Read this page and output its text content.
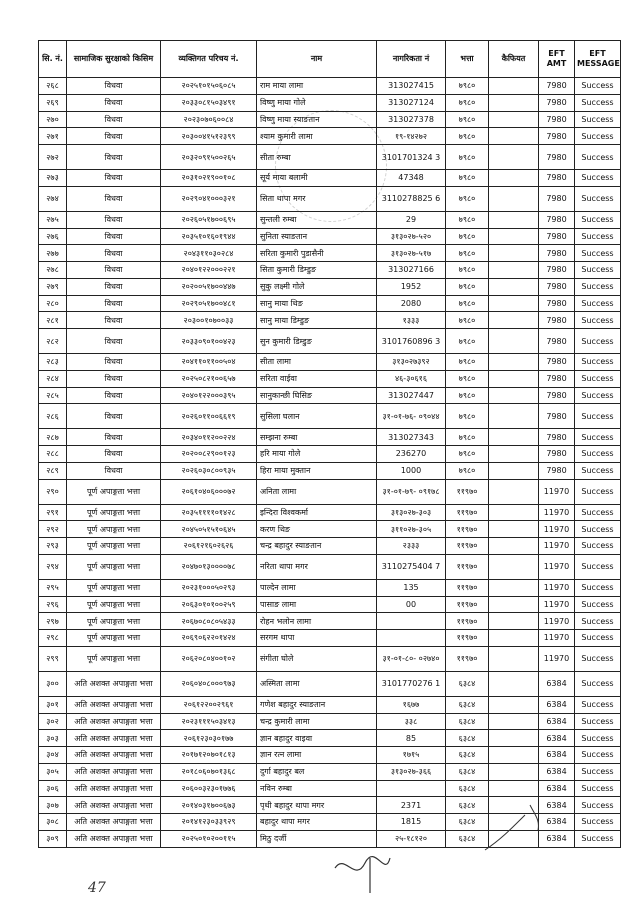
सि. नं.	सामाजिक सुरक्षाको किसिम	व्यक्तिगत परिचय नं.	नाम	नागरिकता नं	भत्ता	कैफियत	EFT AMT	EFT MESSAGE
२६८	विधवा	२०२५१०१५०६०८५	राम माया लामा	313027415	७९८०		7980	Success
२६९	विधवा	२०३३०८१५०३४९१	विष्णु माया गोले	313027124	७९८०		7980	Success
२७०	विधवा	२०२३०७०६००८४	विष्णु माया स्याङतान	313027378	७९८०		7980	Success
२७१	विधवा	२०३००४१५१२३९९	श्याम कुमारी लामा	१९-१४२७२	७९८०		7980	Success
२७२	विधवा	२०३२०९१५००२६५	सीता रुम्बा	3101701324 3	७९८०		7980	Success
२७३	विधवा	२०३१०२१९००१०८	सूर्य माया बलामी	47348	७९८०		7980	Success
२७४	विधवा	२०२९०४१०००३२१	सिता थापा मगर	3110278825 6	७९८०		7980	Success
२७५	विधवा	२०२६०५१७००६९५	सुन्तली रुम्बा	29	७९८०		7980	Success
२७६	विधवा	२०३५१०१६०१९४४	सुनिता स्याङतान	३१३०२७-५२०	७९८०		7980	Success
२७७	विधवा	२०४३११०३०२८४	सरिता कुमारी पुडासैनी	३१३०२७-५१७	७९८०		7980	Success
२७८	विधवा	२०४०१२२०००२२१	सिता कुमारी डिम्डुङ	313027166	७९८०		7980	Success
२७९	विधवा	२०२००५१७००४४७	सुकु लक्ष्मी गोले	1952	७९८०		7980	Success
२८०	विधवा	२०२९०५१७००४८१	सानु माया थिङ	2080	७९८०		7980	Success
२८१	विधवा	२०३००१०७००३३	सानु माया डिम्डुङ	१३३३	७९८०		7980	Success
२८२	विधवा	२०३३०९०१००४२३	सुन कुमारी डिम्डुङ	3101760896 3	७९८०		7980	Success
२८३	विधवा	२०४११०११००५०४	सीता लामा	३१३०२७३९२	७९८०		7980	Success
२८४	विधवा	२०२५०८२१००६५७	सरिता वाईवा	४६-३०६१६	७९८०		7980	Success
२८५	विधवा	२०४०१२२०००३९५	सानुकान्छी घिसिङ	313027447	७९८०		7980	Success
२८६	विधवा	२०२६०११००६६१९	सुसिला घलान	३१-०१-७६- ०९०४४	७९८०		7980	Success
२८७	विधवा	२०३४०११२००२२४	सम्झना रुम्बा	313027343	७९८०		7980	Success
२८८	विधवा	२०२००८२९००१२३	हरि माया गोले	236270	७९८०		7980	Success
२८९	विधवा	२०२६०३०८००९३५	हिरा माया मुक्तान	1000	७९८०		7980	Success
२९०	पूर्ण अपाङ्गता भत्ता	२०६१०४०६०००७२	अनिता लामा	३१-०१-७९- ०९१७८	११९७०		11970	Success
२९१	पूर्ण अपाङ्गता भत्ता	२०३५११११०१४२८	इन्दिरा विश्वकर्मा	३१३०२७-३०३	११९७०		11970	Success
२९२	पूर्ण अपाङ्गता भत्ता	२०४५०५१५१०६४५	करण थिङ	३११०२७-३०५	११९७०		11970	Success
२९३	पूर्ण अपाङ्गता भत्ता	२०६१२१६०२६२६	चन्द्र बहादुर स्याङतान	२३३३	११९७०		11970	Success
२९४	पूर्ण अपाङ्गता भत्ता	२०४७०१३००००७८	नरिता थापा मगर	3110275404 7	११९७०		11970	Success
२९५	पूर्ण अपाङ्गता भत्ता	२०२३१०००५०२९३	पाल्देन लामा	135	११९७०		11970	Success
२९६	पूर्ण अपाङ्गता भत्ता	२०६३०१०१००२५९	पासाङ लामा	00	११९७०		11970	Success
२९७	पूर्ण अपाङ्गता भत्ता	२०६७०८०८०५४३३	रोहन भलोन लामा		११९७०		11970	Success
२९८	पूर्ण अपाङ्गता भत्ता	२०६९०६२२०१४२४	सरगम थापा		११९७०		11970	Success
२९९	पूर्ण अपाङ्गता भत्ता	२०६२०८०४००१०२	संगीता घोले	३१-०१-८०- ०२७४०	११९७०		11970	Success
३००	अति अशक्त अपाङ्गता भत्ता	२०६०४०८०००९७३	अस्मिता लामा	3101770276 1	६३८४		6384	Success
३०१	अति अशक्त अपाङ्गता भत्ता	२०६१२२००२९६१	गणेश बहादुर स्याङतान	१६७७	६३८४		6384	Success
३०२	अति अशक्त अपाङ्गता भत्ता	२०२३१११५०३४१३	चन्द्र कुमारी लामा	३३८	६३८४		6384	Success
३०३	अति अशक्त अपाङ्गता भत्ता	२०६१२३०३०१७७	ज्ञान बहादुर वाइवा	85	६३८४		6384	Success
३०४	अति अशक्त अपाङ्गता भत्ता	२०१७१२०७०१८१३	ज्ञान रत्न लामा	१७१५	६३८४		6384	Success
३०५	अति अशक्त अपाङ्गता भत्ता	२०१८०६०७०१३६८	दुर्गा बहादुर बल	३१३०२७-३६६	६३८४		6384	Success
३०६	अति अशक्त अपाङ्गता भत्ता	२०६००३२३०१७७६	नविन रुम्बा		६३८४		6384	Success
३०७	अति अशक्त अपाङ्गता भत्ता	२०१४०३१७००६७३	पृथी बहादुर थापा मगर	2371	६३८४		6384	Success
३०८	अति अशक्त अपाङ्गता भत्ता	२०१४१२३०३३९२९	बहादुर थापा मगर	1815	६३८४		6384	Success
३०९	अति अशक्त अपाङ्गता भत्ता	२०२५०१०२००११५	मिठु दर्जी	२५-१८१२०	६३८४		6384	Success
47
